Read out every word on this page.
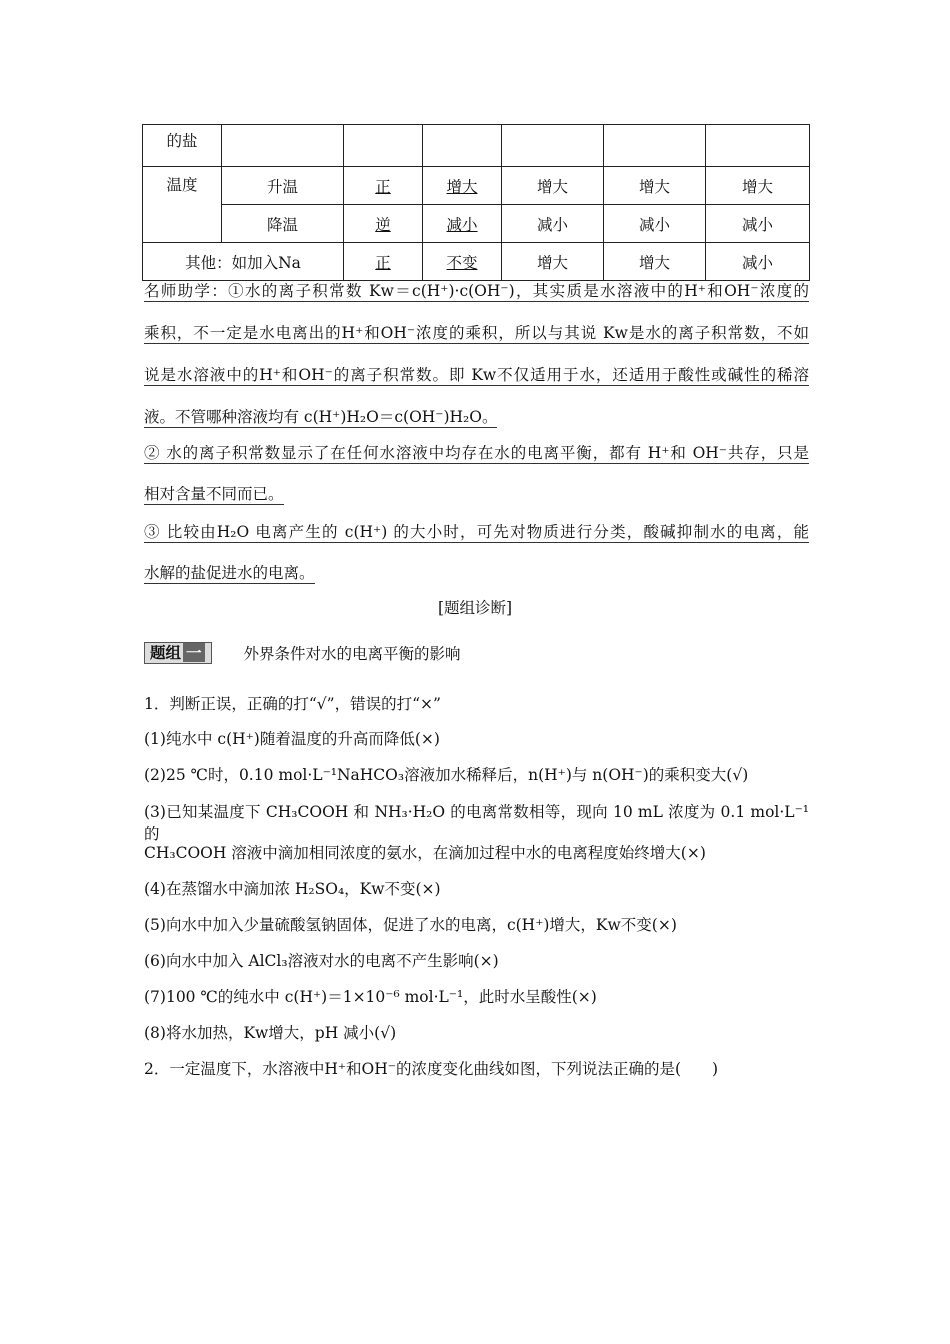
的盐						
温度	升温	正	增大	增大	增大	增大
	降温	逆	减小	减小	减小	减小
其他：如加入Na		正	不变	增大	增大	减小
名师助学：①水的离子积常数 Kw＝c(H⁺)·c(OH⁻)，其实质是水溶液中的H⁺和OH⁻浓度的
乘积，不一定是水电离出的H⁺和OH⁻浓度的乘积，所以与其说 Kw是水的离子积常数，不如
说是水溶液中的H⁺和OH⁻的离子积常数。即 Kw不仅适用于水，还适用于酸性或碱性的稀溶
液。不管哪种溶液均有 c(H⁺)H₂O＝c(OH⁻)H₂O。
② 水的离子积常数显示了在任何水溶液中均存在水的电离平衡，都有 H⁺和 OH⁻共存，只是
相对含量不同而已。
③ 比较由H₂O 电离产生的 c(H⁺) 的大小时，可先对物质进行分类，酸碱抑制水的电离，能
水解的盐促进水的电离。
[题组诊断]
题组 一	外界条件对水的电离平衡的影响
1．判断正误，正确的打“√”，错误的打“×”
(1)纯水中 c(H⁺)随着温度的升高而降低(×)
(2)25 ℃时，0.10 mol·L⁻¹NaHCO₃溶液加水稀释后，n(H⁺)与 n(OH⁻)的乘积变大(√)
(3)已知某温度下 CH₃COOH 和 NH₃·H₂O 的电离常数相等，现向 10 mL 浓度为 0.1 mol·L⁻¹的
CH₃COOH 溶液中滴加相同浓度的氨水，在滴加过程中水的电离程度始终增大(×)
(4)在蒸馏水中滴加浓 H₂SO₄，Kw不变(×)
(5)向水中加入少量硫酸氢钠固体，促进了水的电离，c(H⁺)增大，Kw不变(×)
(6)向水中加入 AlCl₃溶液对水的电离不产生影响(×)
(7)100 ℃的纯水中 c(H⁺)＝1×10⁻⁶ mol·L⁻¹，此时水呈酸性(×)
(8)将水加热，Kw增大，pH 减小(√)
2．一定温度下，水溶液中H⁺和OH⁻的浓度变化曲线如图，下列说法正确的是(　　)
